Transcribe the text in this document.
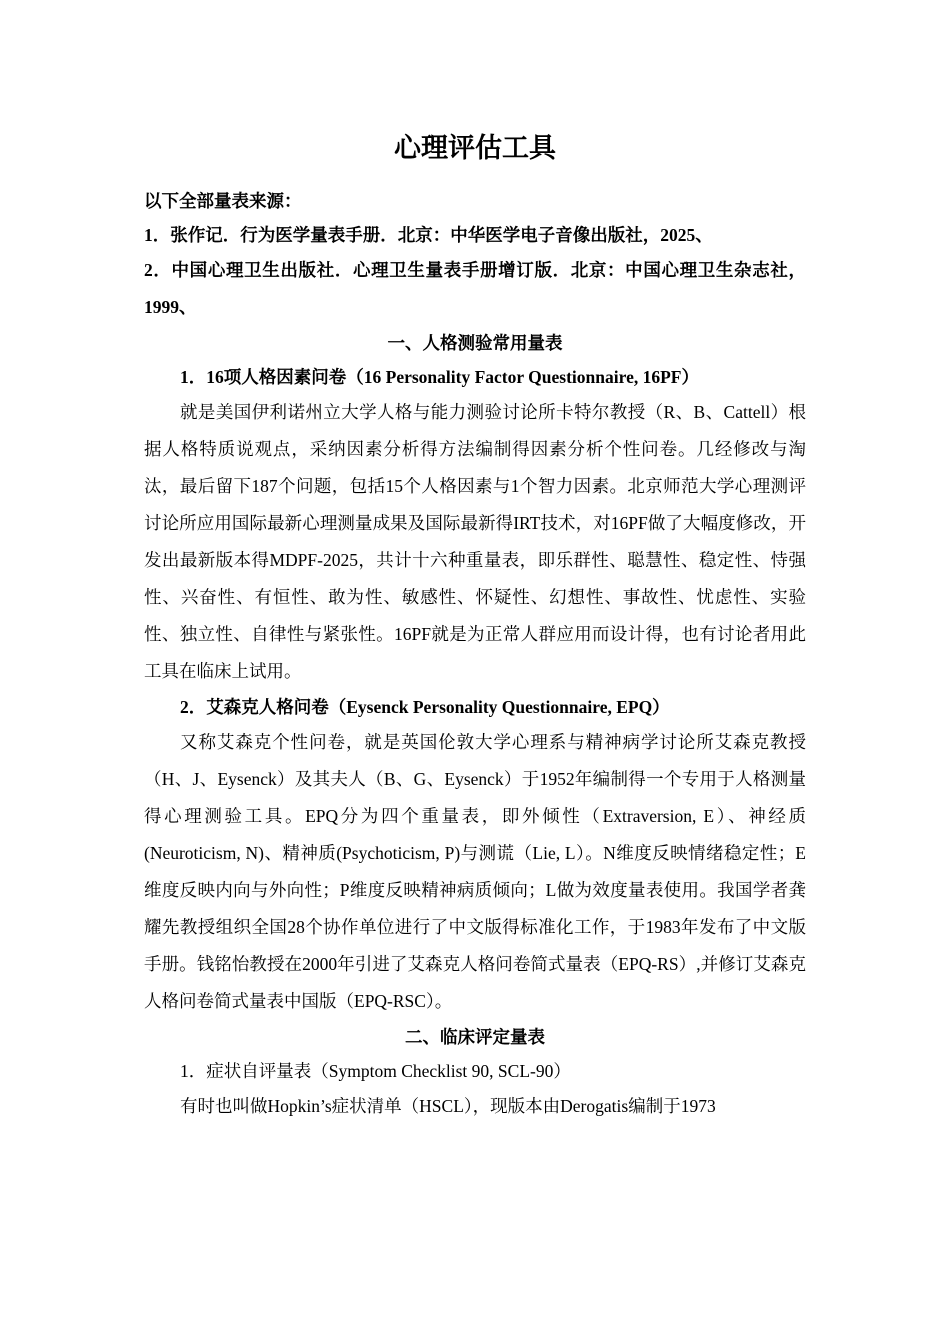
心理评估工具

以下全部量表来源：

1．张作记．行为医学量表手册．北京：中华医学电子音像出版社，2025、

2．中国心理卫生出版社．心理卫生量表手册增订版．北京：中国心理卫生杂志社，1999、

一、人格测验常用量表

1．16项人格因素问卷（16 Personality Factor Questionnaire, 16PF）

就是美国伊利诺州立大学人格与能力测验讨论所卡特尔教授（R、B、Cattell）根据人格特质说观点，采纳因素分析得方法编制得因素分析个性问卷。几经修改与淘汰，最后留下187个问题，包括15个人格因素与1个智力因素。北京师范大学心理测评讨论所应用国际最新心理测量成果及国际最新得IRT技术，对16PF做了大幅度修改，开发出最新版本得MDPF-2025，共计十六种重量表，即乐群性、聪慧性、稳定性、恃强性、兴奋性、有恒性、敢为性、敏感性、怀疑性、幻想性、事故性、忧虑性、实验性、独立性、自律性与紧张性。16PF就是为正常人群应用而设计得，也有讨论者用此工具在临床上试用。

2．艾森克人格问卷（Eysenck Personality Questionnaire, EPQ）

又称艾森克个性问卷，就是英国伦敦大学心理系与精神病学讨论所艾森克教授（H、J、Eysenck）及其夫人（B、G、Eysenck）于1952年编制得一个专用于人格测量得心理测验工具。EPQ分为四个重量表，即外倾性（Extraversion, E）、神经质(Neuroticism, N)、精神质(Psychoticism, P)与测谎（Lie, L）。N维度反映情绪稳定性；E维度反映内向与外向性；P维度反映精神病质倾向；L做为效度量表使用。我国学者龚耀先教授组织全国28个协作单位进行了中文版得标准化工作，于1983年发布了中文版手册。钱铭怡教授在2000年引进了艾森克人格问卷简式量表（EPQ-RS）,并修订艾森克人格问卷简式量表中国版（EPQ-RSC）。

二、临床评定量表

1．症状自评量表（Symptom Checklist 90, SCL-90）

有时也叫做Hopkin’s症状清单（HSCL），现版本由Derogatis编制于1973
